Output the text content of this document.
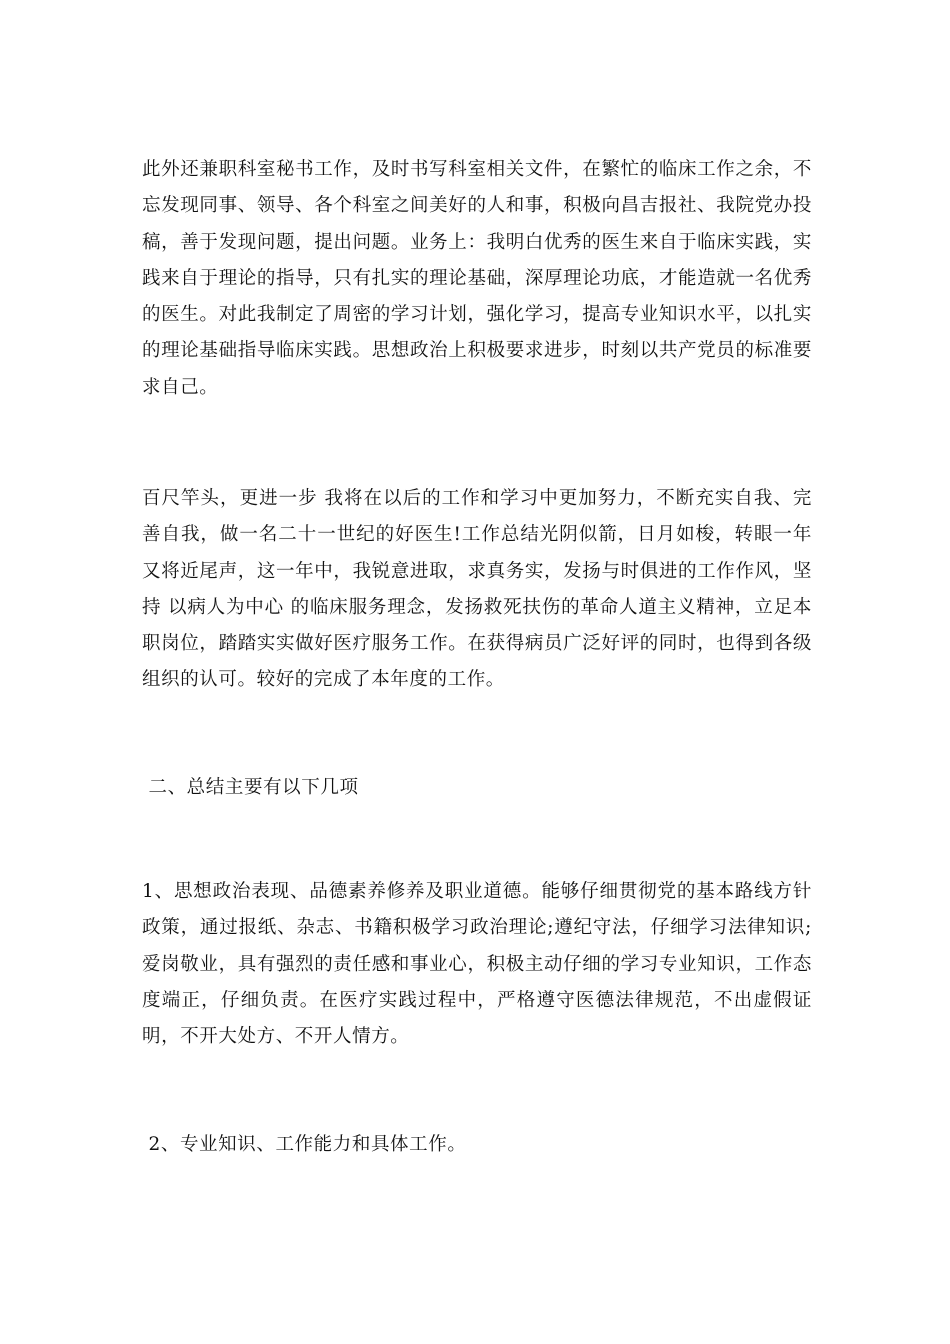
此外还兼职科室秘书工作，及时书写科室相关文件，在繁忙的临床工作之余，不忘发现同事、领导、各个科室之间美好的人和事，积极向昌吉报社、我院党办投稿，善于发现问题，提出问题。业务上：我明白优秀的医生来自于临床实践，实践来自于理论的指导，只有扎实的理论基础，深厚理论功底，才能造就一名优秀的医生。对此我制定了周密的学习计划，强化学习，提高专业知识水平，以扎实的理论基础指导临床实践。思想政治上积极要求进步，时刻以共产党员的标准要求自己。

百尺竿头，更进一步 我将在以后的工作和学习中更加努力，不断充实自我、完善自我，做一名二十一世纪的好医生!工作总结光阴似箭，日月如梭，转眼一年又将近尾声，这一年中，我锐意进取，求真务实，发扬与时俱进的工作作风，坚持 以病人为中心 的临床服务理念，发扬救死扶伤的革命人道主义精神，立足本职岗位，踏踏实实做好医疗服务工作。在获得病员广泛好评的同时，也得到各级组织的认可。较好的完成了本年度的工作。

二、总结主要有以下几项

1、思想政治表现、品德素养修养及职业道德。能够仔细贯彻党的基本路线方针政策，通过报纸、杂志、书籍积极学习政治理论;遵纪守法，仔细学习法律知识;爱岗敬业，具有强烈的责任感和事业心，积极主动仔细的学习专业知识，工作态度端正，仔细负责。在医疗实践过程中，严格遵守医德法律规范，不出虚假证明，不开大处方、不开人情方。

2、专业知识、工作能力和具体工作。
